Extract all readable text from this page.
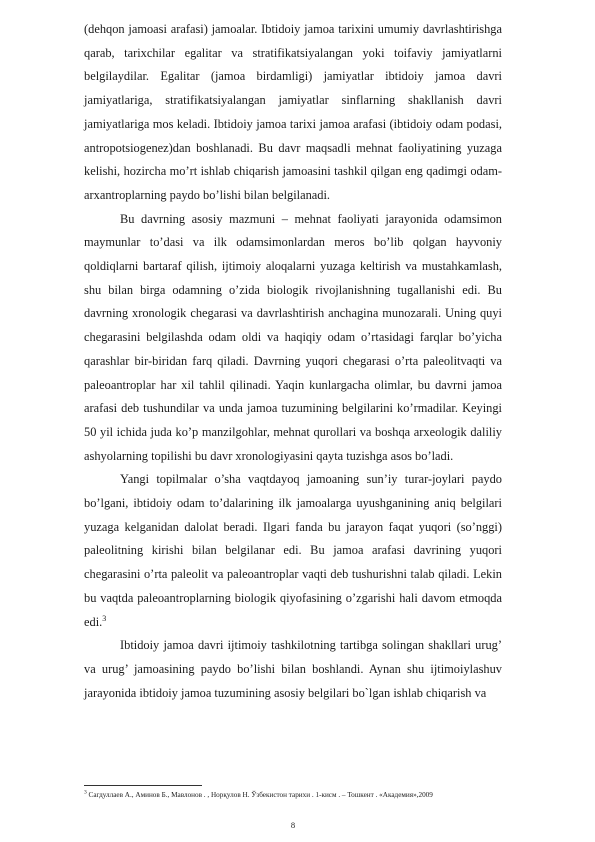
(dehqon jamoasi arafasi) jamoalar. Ibtidoiy jamoa tarixini umumiy davrlashtirishga qarab, tarixchilar egalitar va stratifikatsiyalangan yoki toifaviy jamiyatlarni belgilaydilar. Egalitar (jamoa birdamligi) jamiyatlar ibtidoiy jamoa davri jamiyatlariga, stratifikatsiyalangan jamiyatlar sinflarning shakllanish davri jamiyatlariga mos keladi. Ibtidoiy jamoa tarixi jamoa arafasi (ibtidoiy odam podasi, antropotsiogenez)dan boshlanadi. Bu davr maqsadli mehnat faoliyatining yuzaga kelishi, hozircha mo’rt ishlab chiqarish jamoasini tashkil qilgan eng qadimgi odam- arxantroplarning paydo bo’lishi bilan belgilanadi.

Bu davrning asosiy mazmuni – mehnat faoliyati jarayonida odamsimon maymunlar to’dasi va ilk odamsimonlardan meros bo’lib qolgan hayvoniy qoldiqlarni bartaraf qilish, ijtimoiy aloqalarni yuzaga keltirish va mustahkamlash, shu bilan birga odamning o’zida biologik rivojlanishning tugallanishi edi. Bu davrning xronologik chegarasi va davrlashtirish anchagina munozarali. Uning quyi chegarasini belgilashda odam oldi va haqiqiy odam o’rtasidagi farqlar bo’yicha qarashlar bir-biridan farq qiladi. Davrning yuqori chegarasi o’rta paleolitvaqti va paleoantroplar har xil tahlil qilinadi. Yaqin kunlargacha olimlar, bu davrni jamoa arafasi deb tushundilar va unda jamoa tuzumining belgilarini ko’rmadilar. Keyingi 50 yil ichida juda ko’p manzilgohlar, mehnat qurollari va boshqa arxeologik daliliy ashyolarning topilishi bu davr xronologiyasini qayta tuzishga asos bo’ladi.

Yangi topilmalar o’sha vaqtdayoq jamoaning sun’iy turar-joylari paydo bo’lgani, ibtidoiy odam to’dalarining ilk jamoalarga uyushganining aniq belgilari yuzaga kelganidan dalolat beradi. Ilgari fanda bu jarayon faqat yuqori (so’nggi) paleolitning kirishi bilan belgilanar edi. Bu jamoa arafasi davrining yuqori chegarasini o’rta paleolit va paleoantroplar vaqti deb tushurishni talab qiladi. Lekin bu vaqtda paleoantroplarning biologik qiyofasining o’zgarishi hali davom etmoqda edi.$^3$

Ibtidoiy jamoa davri ijtimoiy tashkilotning tartibga solingan shakllari urug’ va urug’ jamoasining paydo bo’lishi bilan boshlandi. Aynan shu ijtimoiylashuv jarayonida ibtidoiy jamoa tuzumining asosiy belgilari bo`lgan ishlab chiqarish va

$^3$ Сагдуллаев А., Аминов Б., Мавлонов . , Норқулов Н. Ўзбекистон тарихи . 1-кисм . – Тошкент . «Академия»,2009

8
